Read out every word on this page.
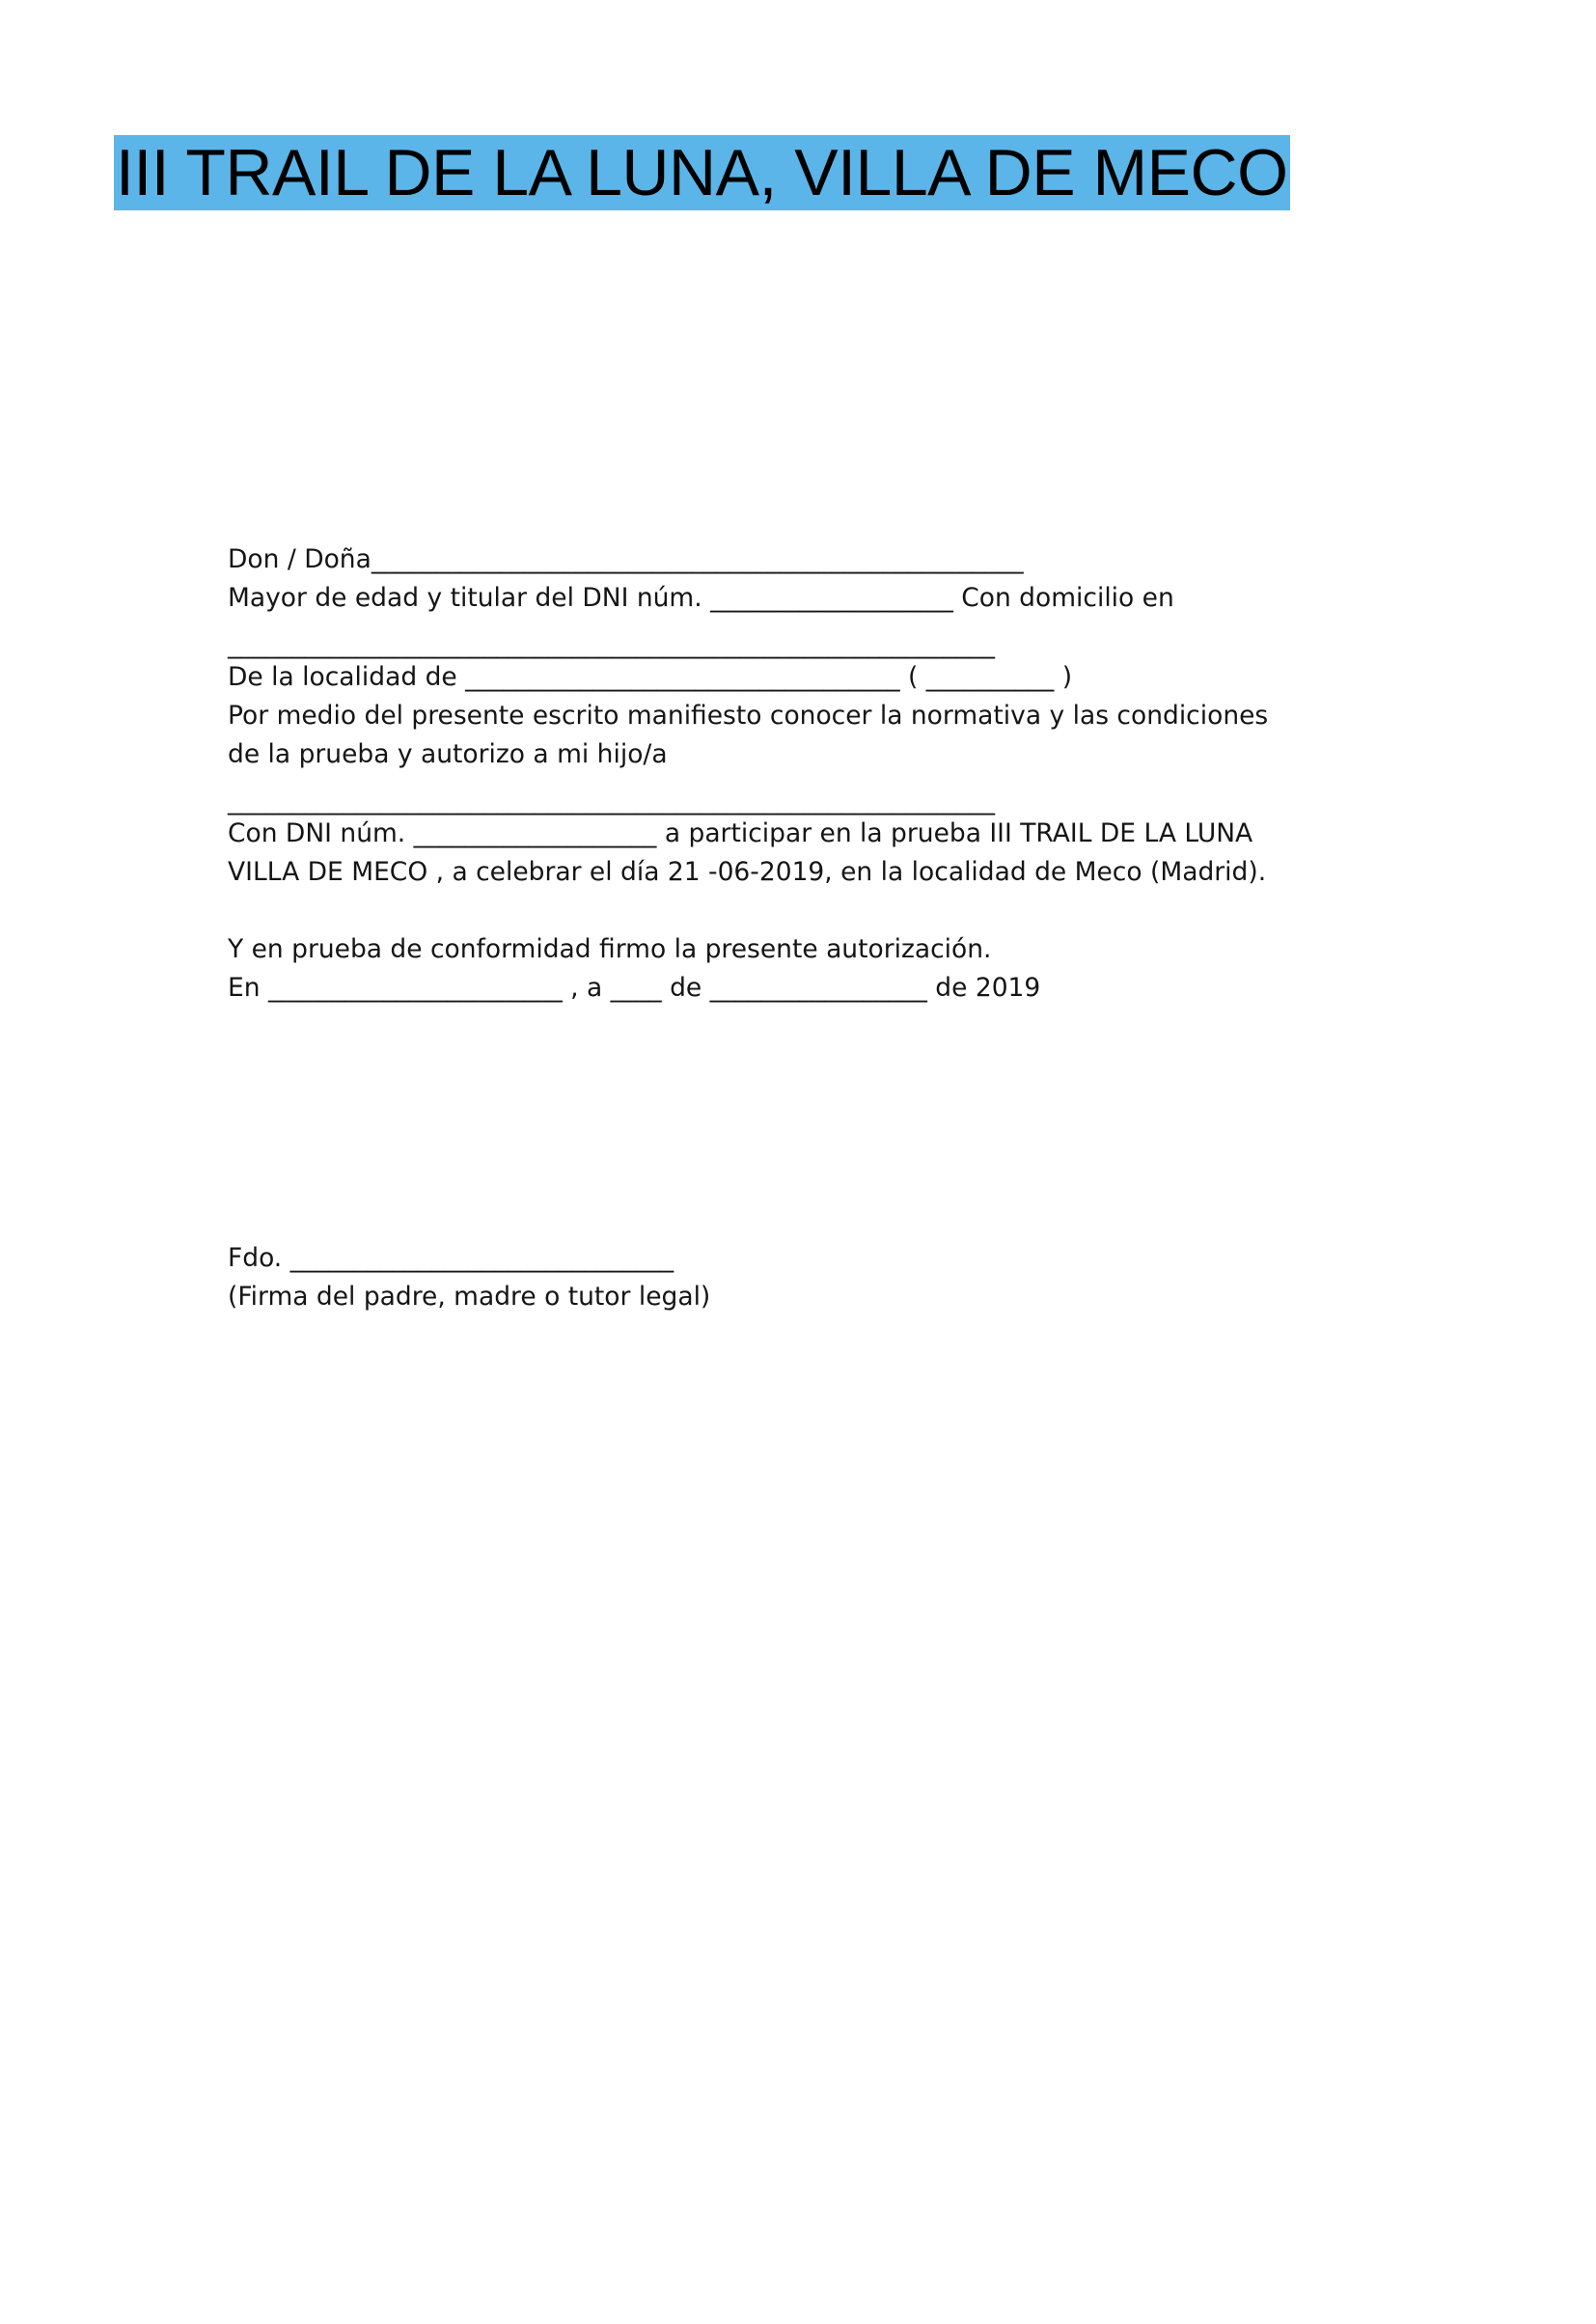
III TRAIL DE LA LUNA, VILLA DE MECO
Don / Doña___________________________________________________
Mayor de edad y titular del DNI núm. ___________________ Con domicilio en
____________________________________________________________
De la localidad de __________________________________ ( __________ )
Por medio del presente escrito manifiesto conocer la normativa y las condiciones
de la prueba y autorizo a mi hijo/a
____________________________________________________________
Con DNI núm. ___________________ a participar en la prueba III TRAIL DE LA LUNA
VILLA DE MECO , a celebrar el día 21 -06-2019, en la localidad de Meco (Madrid).
Y en prueba de conformidad firmo la presente autorización.
En _______________________ , a ____ de _________________ de 2019
Fdo. ______________________________
(Firma del padre, madre o tutor legal)
